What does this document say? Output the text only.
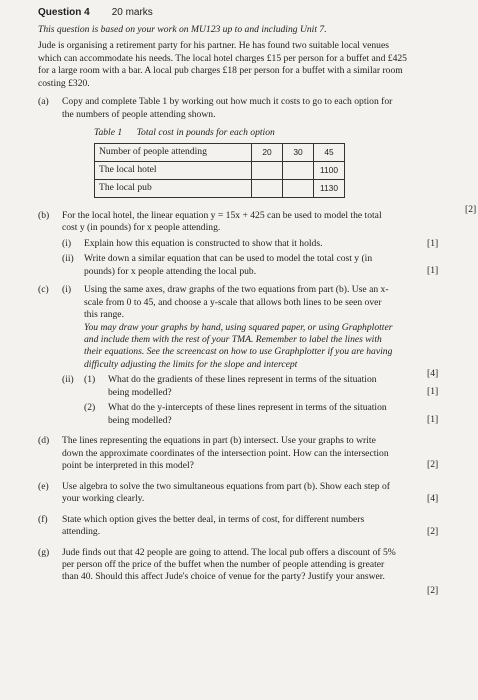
Question 4 20 marks

This question is based on your work on MU123 up to and including Unit 7.

Jude is organising a retirement party for his partner. He has found two suitable local venues which can accommodate his needs. The local hotel charges £15 per person for a buffet and £425 for a large room with a bar. A local pub charges £18 per person for a buffet with a similar room costing £320.

(a) Copy and complete Table 1 by working out how much it costs to go to each option for the numbers of people attending shown.

Table 1 Total cost in pounds for each option
Number of people attending	20	30	45
The local hotel			1100
The local pub			1130
[2]
(b) For the local hotel, the linear equation y = 15x + 425 can be used to model the total cost y (in pounds) for x people attending.

(i) Explain how this equation is constructed to show that it holds.	[1]
(ii) Write down a similar equation that can be used to model the total cost y (in pounds) for x people attending the local pub.	[1]
(c) (i) Using the same axes, draw graphs of the two equations from part (b). Use an x-scale from 0 to 45, and choose a y-scale that allows both lines to be seen over this range.

You may draw your graphs by hand, using squared paper, or using Graphplotter and include them with the rest of your TMA. Remember to label the lines with their equations. See the screencast on how to use Graphplotter if you are having difficulty adjusting the limits for the slope and intercept

[4]
(ii) (1) What do the gradients of these lines represent in terms of the situation being modelled?	[1]
(2) What do the y-intercepts of these lines represent in terms of the situation being modelled?	[1]
(d) The lines representing the equations in part (b) intersect. Use your graphs to write down the approximate coordinates of the intersection point. How can the intersection point be interpreted in this model?	[2]
(e) Use algebra to solve the two simultaneous equations from part (b). Show each step of your working clearly.	[4]
(f) State which option gives the better deal, in terms of cost, for different numbers attending.	[2]
(g) Jude finds out that 42 people are going to attend. The local pub offers a discount of 5% per person off the price of the buffet when the number of people attending is greater than 40. Should this affect Jude's choice of venue for the party? Justify your answer.

[2]
